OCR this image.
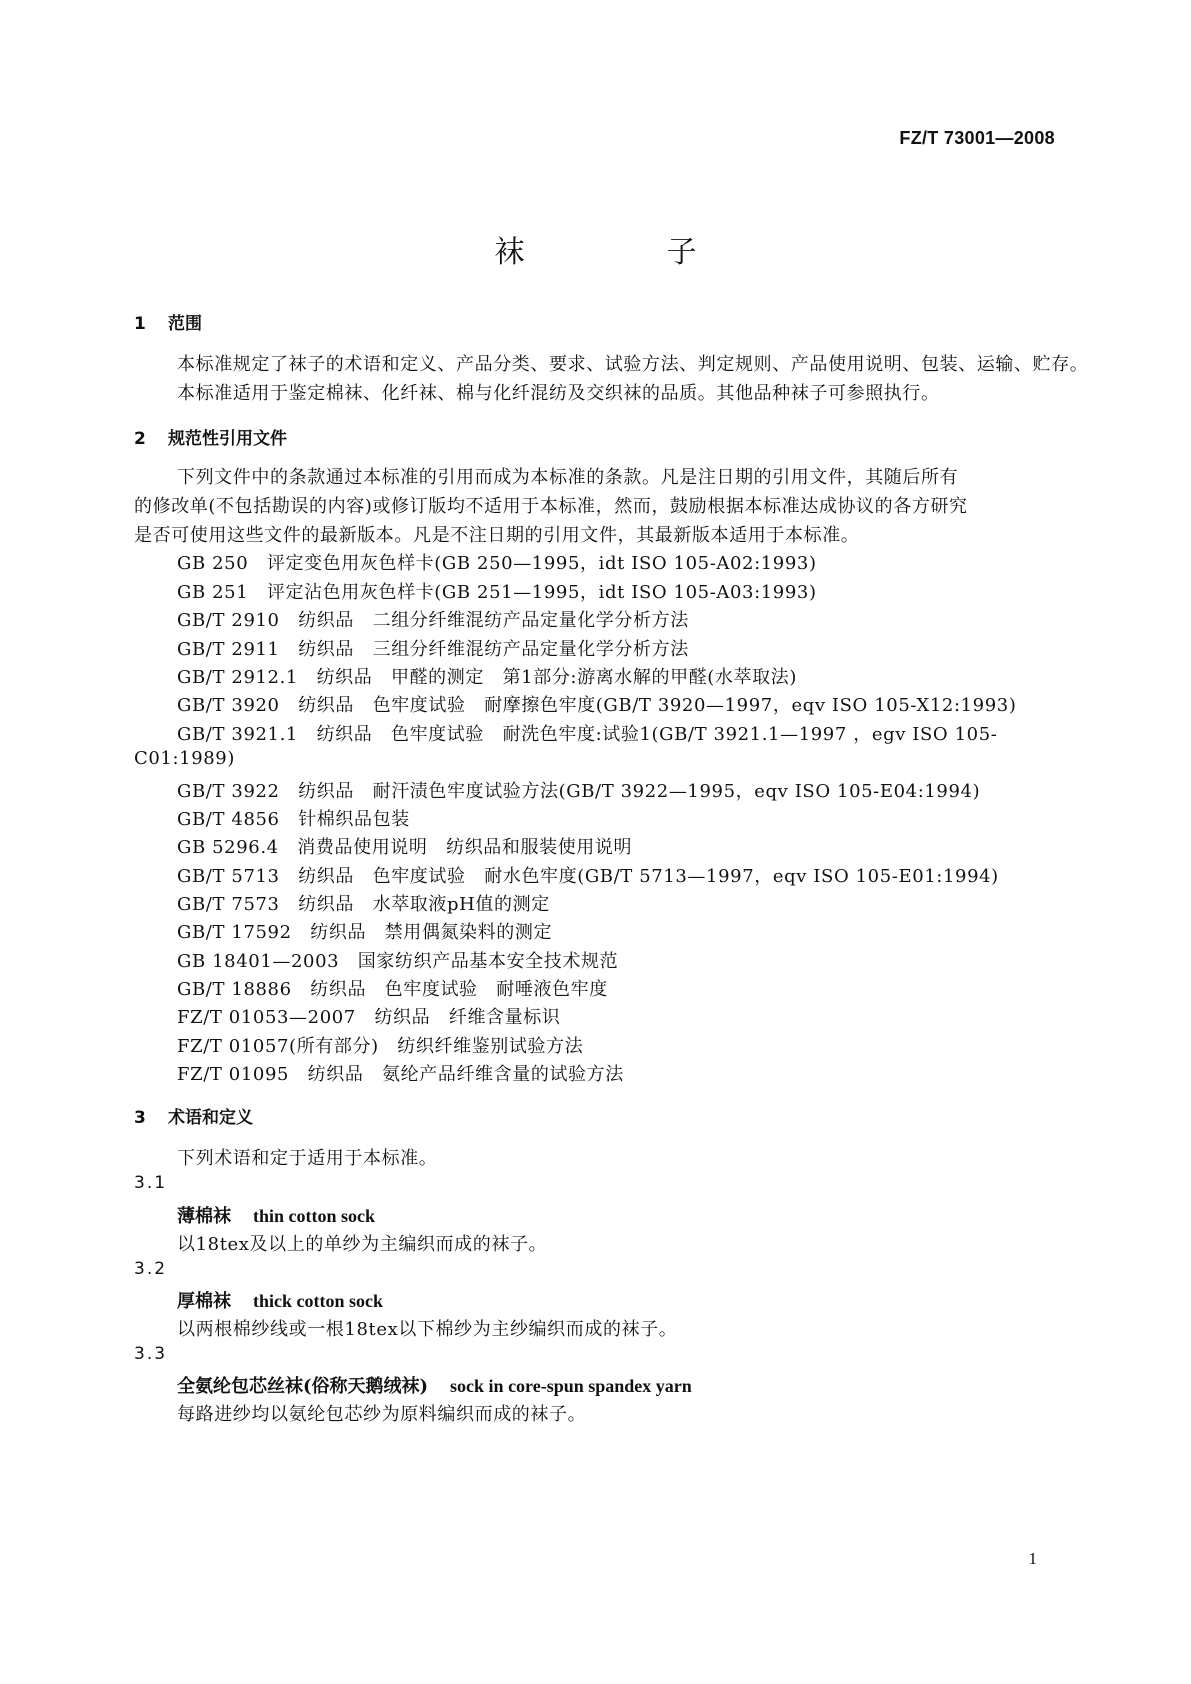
FZ/T 73001—2008
袜　子
1 范围
本标准规定了袜子的术语和定义、产品分类、要求、试验方法、判定规则、产品使用说明、包装、运输、贮存。
本标准适用于鉴定棉袜、化纤袜、棉与化纤混纺及交织袜的品质。其他品种袜子可参照执行。
2 规范性引用文件
下列文件中的条款通过本标准的引用而成为本标准的条款。凡是注日期的引用文件，其随后所有
的修改单(不包括勘误的内容)或修订版均不适用于本标准，然而，鼓励根据本标准达成协议的各方研究
是否可使用这些文件的最新版本。凡是不注日期的引用文件，其最新版本适用于本标准。
GB 250　评定变色用灰色样卡(GB 250—1995，idt ISO 105-A02:1993)
GB 251　评定沾色用灰色样卡(GB 251—1995，idt ISO 105-A03:1993)
GB/T 2910　纺织品　二组分纤维混纺产品定量化学分析方法
GB/T 2911　纺织品　三组分纤维混纺产品定量化学分析方法
GB/T 2912.1　纺织品　甲醛的测定　第1部分:游离水解的甲醛(水萃取法)
GB/T 3920　纺织品　色牢度试验　耐摩擦色牢度(GB/T 3920—1997，eqv ISO 105-X12:1993)
GB/T 3921.1　纺织品　色牢度试验　耐洗色牢度:试验1(GB/T 3921.1—1997 ，egv ISO 105-
C01:1989)
GB/T 3922　纺织品　耐汗渍色牢度试验方法(GB/T 3922—1995，eqv ISO 105-E04:1994)
GB/T 4856　针棉织品包装
GB 5296.4　消费品使用说明　纺织品和服装使用说明
GB/T 5713　纺织品　色牢度试验　耐水色牢度(GB/T 5713—1997，eqv ISO 105-E01:1994)
GB/T 7573　纺织品　水萃取液pH值的测定
GB/T 17592　纺织品　禁用偶氮染料的测定
GB 18401—2003　国家纺织产品基本安全技术规范
GB/T 18886　纺织品　色牢度试验　耐唾液色牢度
FZ/T 01053—2007　纺织品　纤维含量标识
FZ/T 01057(所有部分)　纺织纤维鉴别试验方法
FZ/T 01095　纺织品　氨纶产品纤维含量的试验方法
3 术语和定义
下列术语和定于适用于本标准。
3.1
薄棉袜 thin cotton sock
以18tex及以上的单纱为主编织而成的袜子。
3.2
厚棉袜 thick cotton sock
以两根棉纱线或一根18tex以下棉纱为主纱编织而成的袜子。
3.3
全氨纶包芯丝袜(俗称天鹅绒袜) sock in core-spun spandex yarn
每路进纱均以氨纶包芯纱为原料编织而成的袜子。
1
